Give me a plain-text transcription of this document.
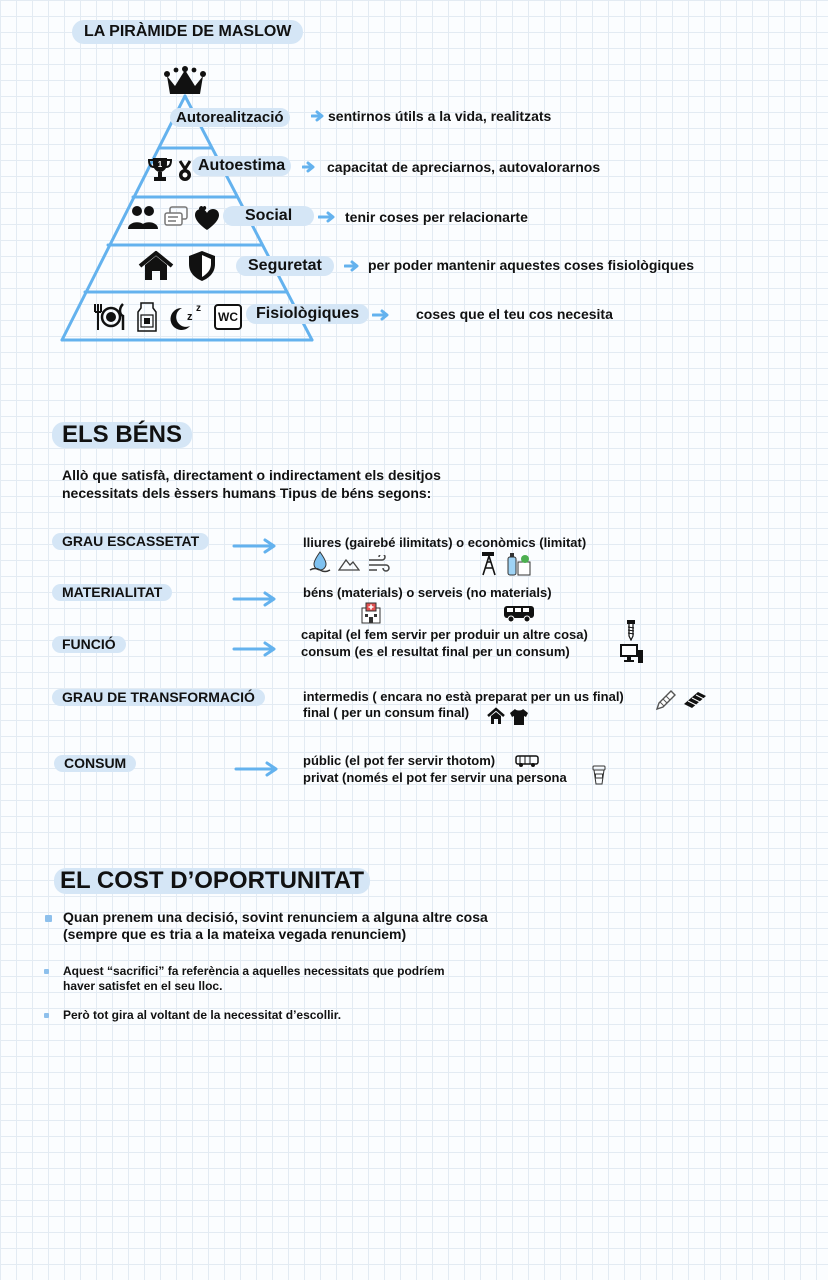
LA PIRÀMIDE DE MASLOW
Autorealització	sentirnos útils a la vida, realitzats
1	Autoestima	capacitat de apreciarnos, autovalorarnos
Social	tenir coses per relacionarte
Seguretat	per poder mantenir aquestes coses fisiològiques
z
z
WC	Fisiològiques	coses que el teu cos necesita
ELS BÉNS
Allò que satisfà, directament o indirectament els desitjos
necessitats dels èssers humans Tipus de béns segons:
GRAU ESCASSETAT	lliures (gairebé ilimitats) o econòmics (limitat)
MATERIALITAT	béns (materials) o serveis (no materials)
FUNCIÓ
capital (el fem servir per produir un altre cosa)
consum (es el resultat final per un consum)
GRAU DE TRANSFORMACIÓ	intermedis ( encara no està preparat per un us final)
final ( per un consum final)
CONSUM	públic (el pot fer servir thotom)
privat (només el pot fer servir una persona
EL COST D’OPORTUNITAT
Quan prenem una decisió, sovint renunciem a alguna altre cosa
(sempre que es tria a la mateixa vegada renunciem)
Aquest “sacrifici” fa referència a aquelles necessitats que podríem
haver satisfet en el seu lloc.
Però tot gira al voltant de la necessitat d’escollir.
